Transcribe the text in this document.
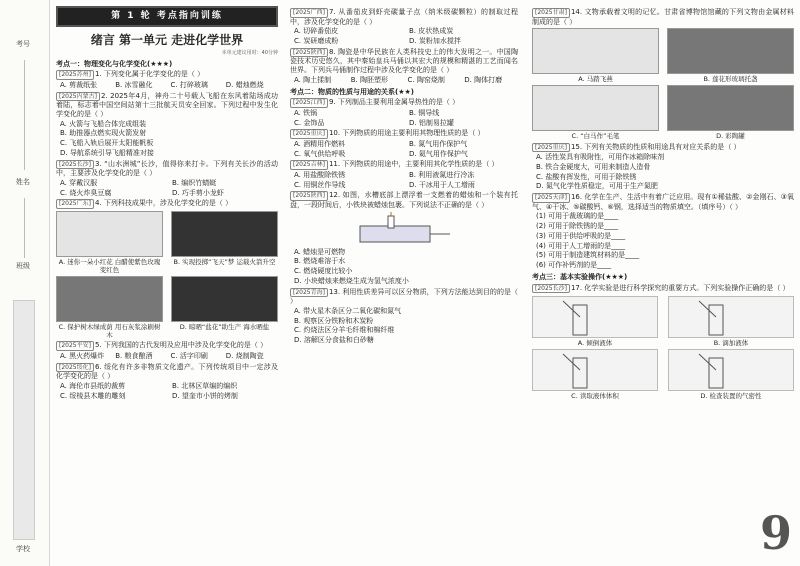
考号
姓名
班级
学校
第 1 轮 考点指向训练
绪言 第一单元 走进化学世界
本单元建议用时：40分钟
考点一：物理变化与化学变化(★★★)
[2025苏州] 1. 下列变化属于化学变化的是（ ）
A. 剪裁纸张	B. 冰雪融化	C. 打碎玻璃	D. 蜡烛燃烧
[2025内蒙古] 2. 2025年4月，神舟二十号载人飞船在东风着陆场成功着陆，标志着中国空间站第十三批航天员安全回家。下列过程中发生化学变化的是（ ）
A. 火箭与飞船合体完成组装
B. 助推器点燃实现火箭发射
C. 飞船入轨后展开太阳能帆板
D. 导航系统引导飞船精准对接
[2025长沙] 3. “山水洲城”长沙，值得你来打卡。下列有关长沙的活动中，主要涉及化学变化的是（ ）
A. 穿戴汉服	B. 编织竹蜻蜓
C. 烧火炸臭豆腐	D. 巧手剪小龙虾
[2025广东] 4. 下列科技成果中，涉及化学变化的是（ ）
A. 迷你一朵小红花 白醋使紫色玫瑰变红色
B. 实现投掷“飞天”梦 运载火箭升空
C. 保护树木绿成荫 用石灰浆涂刷树木
D. 晾晒“盐花”助生产 海水晒盐
[2025平安] 5. 下列我国的古代发明及应用中涉及化学变化的是（ ）
A. 黑火药爆炸	B. 粮食酿酒	C. 活字印刷	D. 烧制陶瓷
[2025绥化] 6. 绥化有许多非物质文化遗产。下列传统项目中一定涉及化学变化的是（ ）
A. 海伦市县纸的裁剪	B. 北林区草编的编织
C. 绥棱县木雕的雕刻	D. 望奎市小饼的烤制
[2025广西] 7. 从番茄皮到虾壳碳量子点（纳米级碳颗粒）的制取过程中，涉及化学变化的是（ ）
A. 切碎番茄皮	B. 皮状热成炭
C. 炭研磨成粉	D. 炭粉加水搅拌
[2025陕西] 8. 陶瓷是中华民族在人类科技史上的伟大发明之一。中国陶瓷技术历史悠久，其中秦始皇兵马俑以其宏大的规模和精湛的工艺而闻名世界。下列兵马俑制作过程中涉及化学变化的是（ ）
A. 陶土揉制	B. 陶胚塑形	C. 陶窑烧制	D. 陶体打磨
考点二：物质的性质与用途的关系(★★)
[2025江西] 9. 下列制品主要利用金属导热性的是（ ）
A. 铁锅	B. 铜导线
C. 金饰品	D. 铝制易拉罐
[2025重庆] 10. 下列物质的用途主要利用其物理性质的是（ ）
A. 酒精用作燃料	B. 氮气用作保护气
C. 氧气供给呼吸	D. 氦气用作保护气
[2025吉林] 11. 下列物质的用途中，主要利用其化学性质的是（ ）
A. 用盐酸除铁锈	B. 利用液氮进行冷冻
C. 用铜丝作导线	D. 干冰用于人工增雨
[2025陕西] 12. 如图，水槽底部上漂浮着一支燃着的蜡烛和一个装有托盘，一段时间后，小铁块被蜡烛包裹。下列说法不正确的是（ ）
A. 蜡烛是可燃物
B. 燃烧难溶于水
C. 燃烧硬度比较小
D. 小块蜡烛来燃烧生成为氢气浓度小
[2025青海] 13. 利用性质差异可以区分物质，下列方法能达到目的的是（ ）
A. 带火星木条区分二氧化碳和氮气
B. 观察区分铁粉和木炭粉
C. 灼烧法区分羊毛纤维和棉纤维
D. 溶解区分食盐和白砂糖
[2025甘肃] 14. 文物承载着文明的记忆。甘肃省博物馆馆藏的下列文物由金属材料制成的是（ ）
A. 马踏飞燕	B. 莲花形玻璃托盏
C. “白马作”毛笔	D. 彩陶罐
[2025重庆] 15. 下列有关物质的性质和用途具有对应关系的是（ ）
A. 活性炭具有吸附性，可用作冰箱除味剂
B. 铁合金硬度大，可用来制造人造骨
C. 盐酸有挥发性，可用于除铁锈
D. 氮气化学性质稳定，可用于生产氮肥
[2025天津] 16. 化学在生产、生活中有着广泛应用。现有①稀盐酸、②金刚石、③氧气、④干冰、⑤碳酸钙、⑥钢，选择适当的物质填空。（填序号）（ ）
(1) 可用于裁玻璃的是____
(2) 可用于除铁锈的是____
(3) 可用于供给呼吸的是____
(4) 可用于人工增雨的是____
(5) 可用于制造建筑材料的是____
(6) 可作补钙剂的是____
考点三：基本实验操作(★★★)
[2025长沙] 17. 化学实验是进行科学探究的重要方式。下列实验操作正确的是（ ）
A. 倾倒液体	B. 滴加液体
C. 读取液体体积	D. 检查装置的气密性
9
